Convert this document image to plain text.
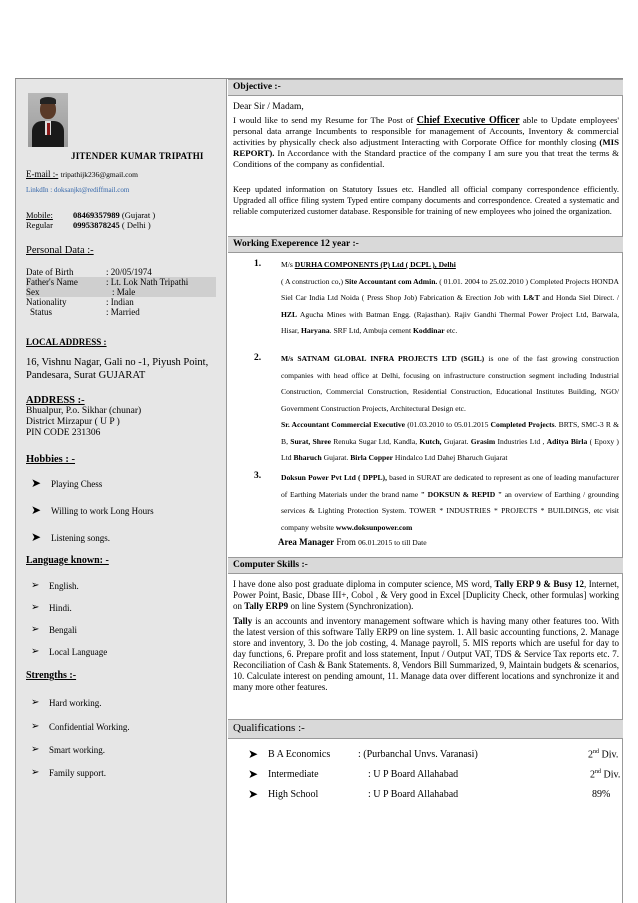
JITENDER KUMAR TRIPATHI
E-mail :- tripathijk236@gmail.com
LinkdIn : doksanjkt@rediffmail.com
Mobile: 08469357989 (Gujarat )
Regular 09953878245 ( Delhi )
Personal Data :-
Date of Birth	: 20/05/1974
Father's Name	: Lt. Lok Nath Tripathi
Sex	: Male
Nationality	: Indian
Status	: Married
LOCAL ADDRESS :
16, Vishnu Nagar, Gali no -1, Piyush Point,
Pandesara, Surat GUJARAT
ADDRESS :-
Bhualpur, P.o. Sikhar (chunar)
District Mirzapur ( U P )
PIN CODE 231306
Hobbies : -
➤	Playing Chess
➤	Willing to work Long Hours
➤	Listening songs.
Language known: -
➢	English.
➢	Hindi.
➢	Bengali
➢	Local Language
Strengths :-
➢	Hard working.
➢	Confidential Working.
➢	Smart working.
➢	Family support.
Objective :-
Dear Sir / Madam,
I would like to send my Resume for The Post of Chief Executive Officer able to Update employees' personal data arrange Incumbents to responsible for management of Accounts, Inventory & commercial activities by physically check also adjustment Interacting with Corporate Office for monthly closing (MIS REPORT). In Accordance with the Standard practice of the company I am sure you that treat the terms & Conditions of the company as confidential.
Keep updated information on Statutory Issues etc. Handled all official company correspondence efficiently. Upgraded all office filing system Typed entire company documents and correspondence. Created a systematic and reliable computerized customer database. Responsible for training of new employees who joined the organization.
Working Exeperence 12 year :-
1.	M/s DURHA COMPONENTS (P) Ltd ( DCPL ), Delhi
( A construction co,) Site Accountant com Admin. ( 01.01. 2004 to 25.02.2010 ) Completed Projects HONDA Siel Car India Ltd Noida ( Press Shop Job) Fabrication & Erection Job with L&T and Honda Siel Direct. / HZL Agucha Mines with Batman Engg. (Rajasthan). Rajiv Gandhi Thermal Power Project Ltd, Barwala, Hisar, Haryana. SRF Ltd, Ambuja cement Koddinar etc.
2.	M/s SATNAM GLOBAL INFRA PROJECTS LTD (SGIL) is one of the fast growing construction companies with head office at Delhi, focusing on infrastructure construction segment including Industrial Construction, Commercial Construction, Residential Construction, Educational Institutes Building, NGO/ Government Construction Projects, Architectural Design etc.
Sr. Accountant Commercial Executive (01.03.2010 to 05.01.2015 Completed Projects. BRTS, SMC-3 R & B, Surat, Shree Renuka Sugar Ltd, Kandla, Kutch, Gujarat. Grasim Industries Ltd , Aditya Birla ( Epoxy ) Ltd Bharuch Gujarat. Birla Copper Hindalco Ltd Dahej Bharuch Gujarat
3.	Doksun Power Pvt Ltd ( DPPL), based in SURAT are dedicated to represent as one of leading manufacturer of Earthing Materials under the brand name " DOKSUN & REPID " an overview of Earthing / grounding services & Lighting Protection System. TOWER * INDUSTRIES * PROJECTS * BUILDINGS, etc visit company website www.doksunpower.com
Area Manager From 06.01.2015 to till Date
Computer Skills :-
I have done also post graduate diploma in computer science, MS word, Tally ERP 9 & Busy 12, Internet, Power Point, Basic, Dbase III+, Cobol , & Very good in Excel [Duplicity Check, other formulas] working on Tally ERP9 on line System (Synchronization).
Tally is an accounts and inventory management software which is having many other features too. With the latest version of this software Tally ERP9 on line system. 1. All basic accounting functions, 2. Manage store and inventory, 3. Do the job costing, 4. Manage payroll, 5. MIS reports which are useful for day to day functions, 6. Prepare profit and loss statement, Input / Output VAT, TDS & Service Tax reports etc. 7. Reconciliation of Cash & Bank Statements. 8, Vendors Bill Summarized, 9, Maintain budgets & scenarios, 10. Calculate interest on pending amount, 11. Manage data over different locations and synchronize it and many more other features.
Qualifications :-
➤ B A Economics	: (Purbanchal Unvs. Varanasi)	2nd Div.
➤ Intermediate	: U P Board Allahabad	2nd Div.
➤ High School	: U P Board Allahabad	89%
